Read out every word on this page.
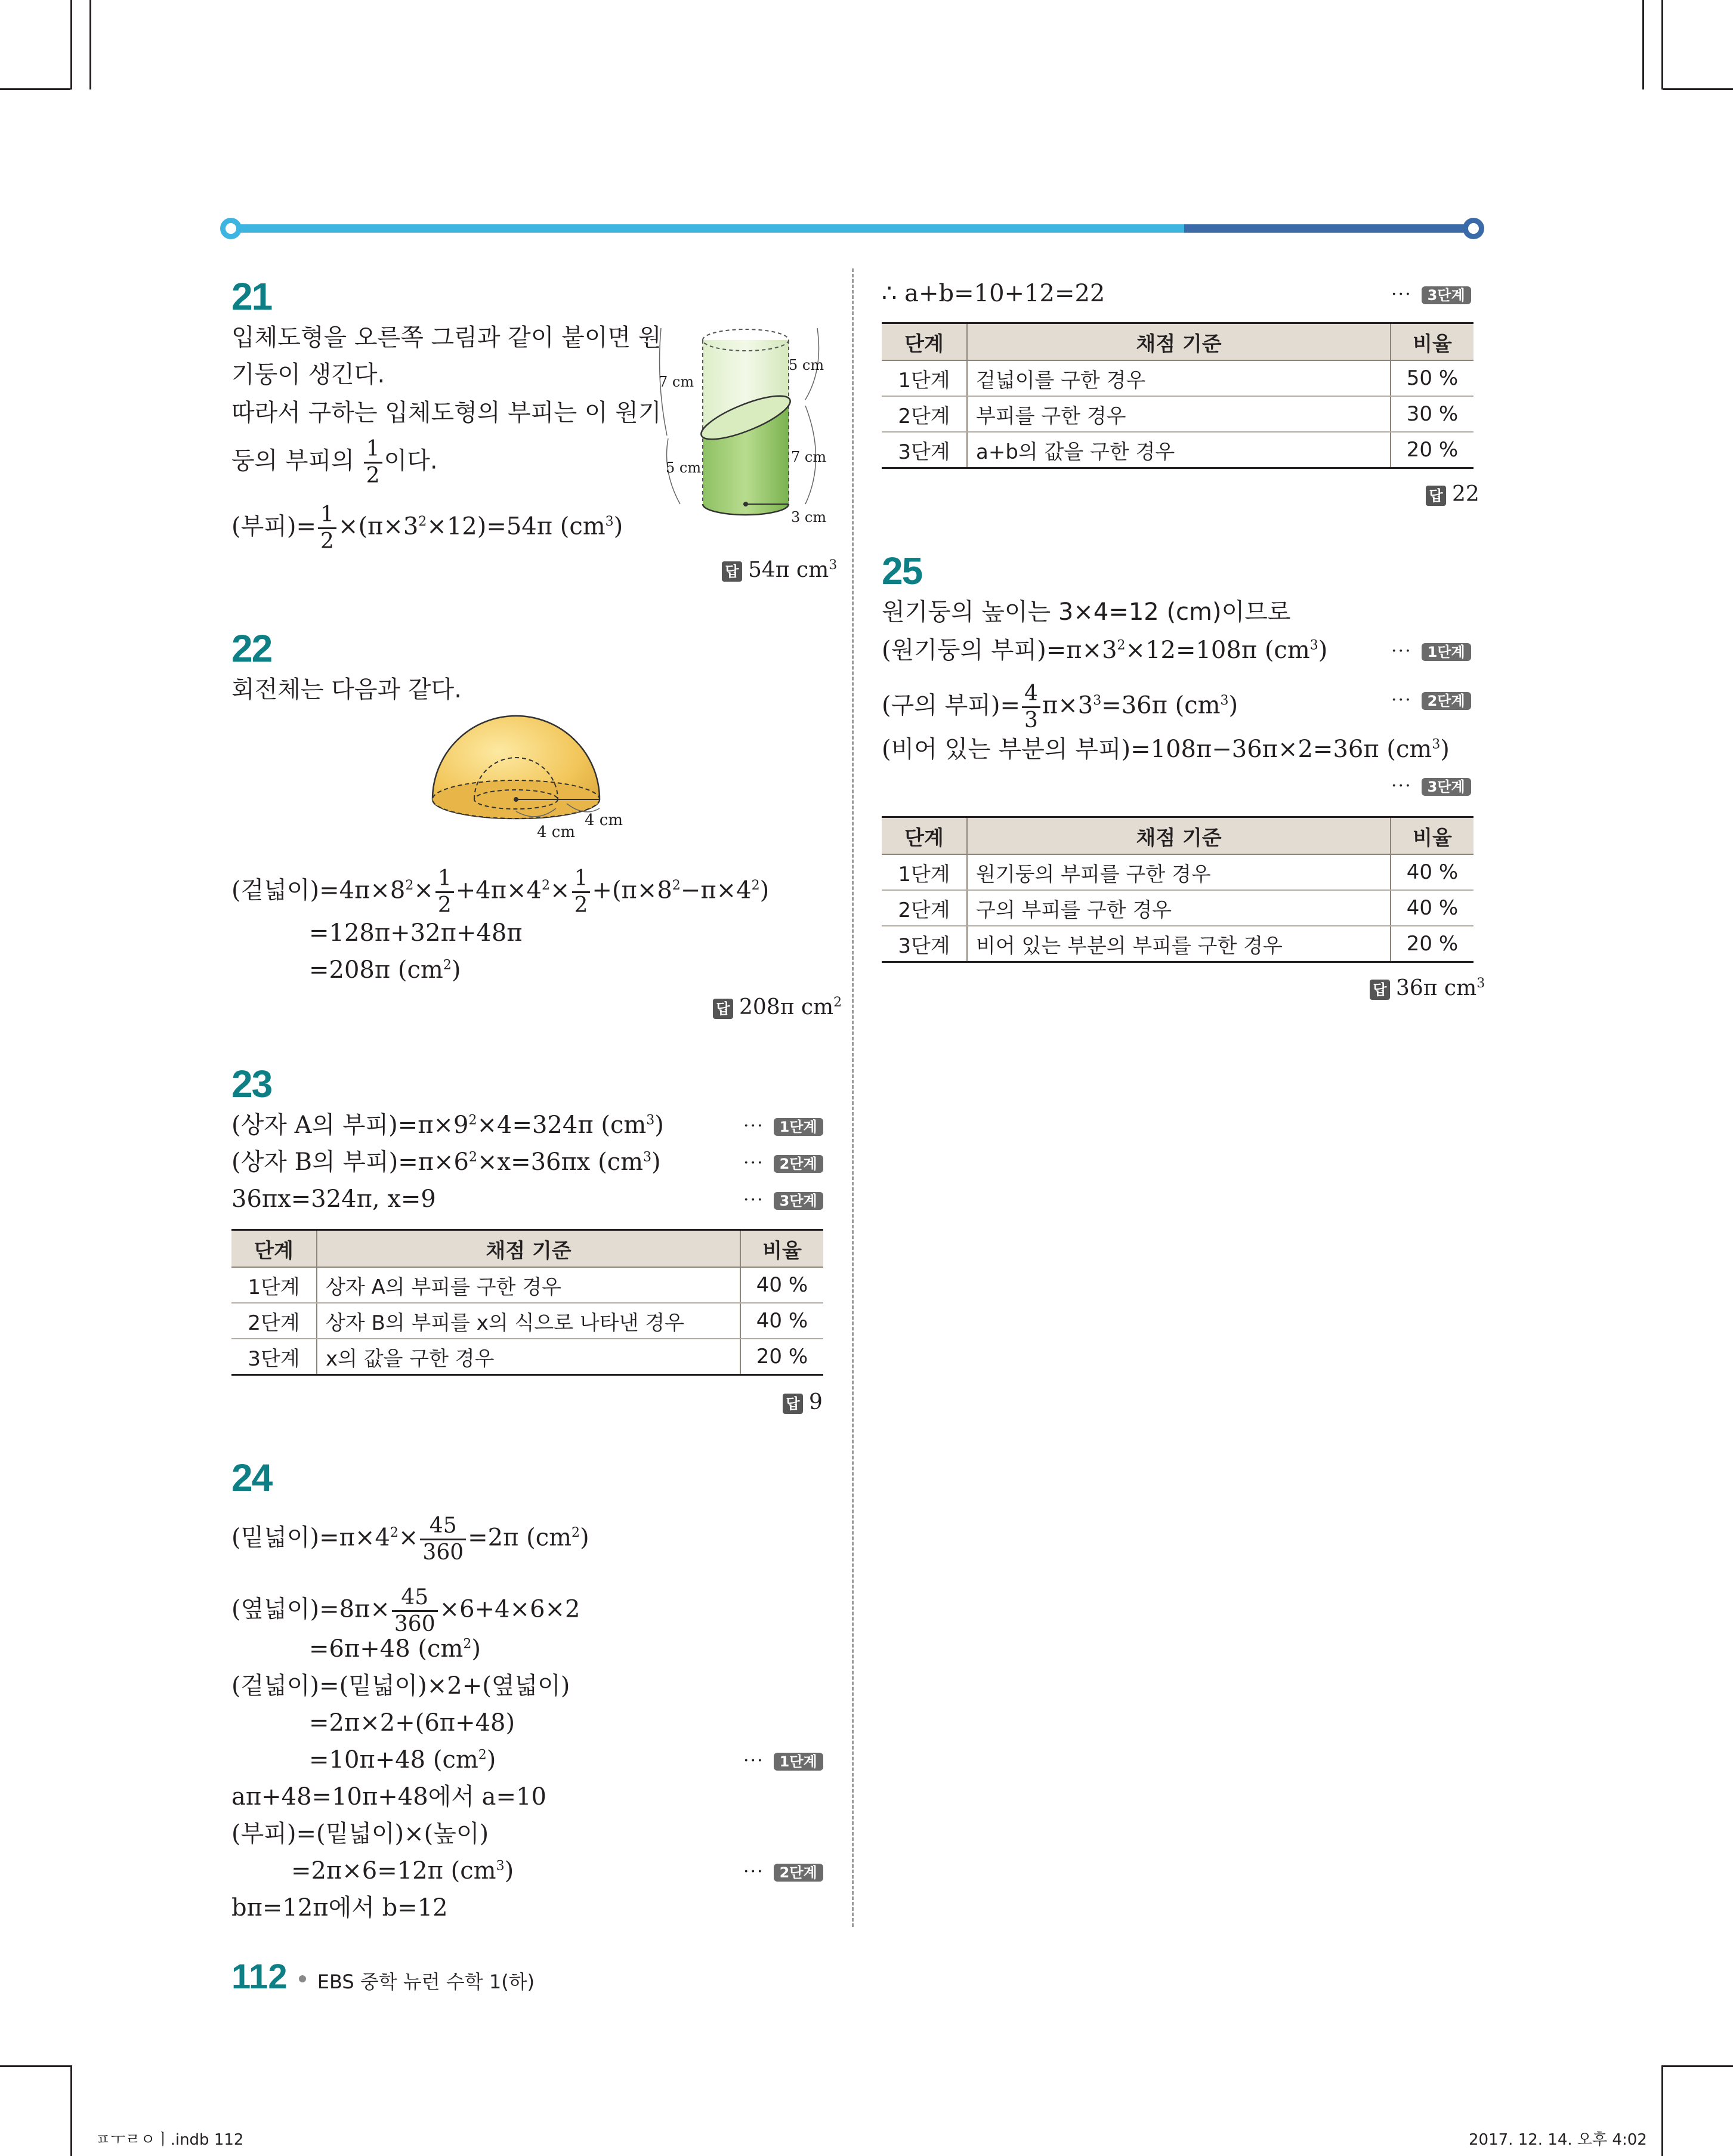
21
입체도형을 오른쪽 그림과 같이 붙이면 원
기둥이 생긴다.
따라서 구하는 입체도형의 부피는 이 원기
둥의 부피의 $\frac{1}{2}$ 이다.
(부피)= $\frac{1}{2} \times(\pi\times 3^2\times 12)=54\pi$ $(cm^3)$
7 cm
5 cm
5 cm
7 cm
3 cm
답 54π $cm^3$
22
회전체는 다음과 같다.
4 cm
4 cm
(겉넓이)$=4\pi\times 8^2\times \frac{1}{2} +4\pi\times 4^2\times \frac{1}{2} +(\pi\times 8^2-\pi\times 4^2)$
=128π+32π+48π
=208π $(cm^2)$
답 208π $cm^2$
23
(상자 A의 부피)$=\pi\times 9^2\times 4=324\pi$ $(cm^3)$
(상자 B의 부피)$=\pi\times 6^2\times x=36\pi x$ $(cm^3)$
36πx=324π, x=9
··· 1단계
··· 2단계
··· 3단계
단계	채점 기준	비율
1단계	상자 A의 부피를 구한 경우	40 %
2단계	상자 B의 부피를 x의 식으로 나타낸 경우	40 %
3단계	x의 값을 구한 경우	20 %
답 9
24
(밑넓이)$=\pi\times 4^2\times \frac{45}{360} =2\pi$ $(cm^2)$
(옆넓이)$=8\pi\times \frac{45}{360} \times 6+4\times 6\times 2$
=6π+48 $(cm^2)$
(겉넓이)=(밑넓이)×2+(옆넓이)
=2π×2+(6π+48)
=10π+48 $(cm^2)$
aπ+48=10π+48에서 a=10
(부피)=(밑넓이)×(높이)
=2π×6=12π $(cm^3)$
bπ=12π에서 b=12
··· 1단계
··· 2단계
∴ a+b=10+12=22	··· 3단계
단계	채점 기준	비율
1단계	겉넓이를 구한 경우	50 %
2단계	부피를 구한 경우	30 %
3단계	a+b의 값을 구한 경우	20 %
답 22
25
원기둥의 높이는 3×4=12 (cm)이므로
(원기둥의 부피)$=\pi\times 3^2\times 12=108\pi$ $(cm^3)$
(구의 부피)= $\frac{4}{3} \pi\times 3^3=36\pi$ $(cm^3)$
(비어 있는 부분의 부피)=108π−36π×2=36π $(cm^3)$
··· 1단계
··· 2단계
··· 3단계
단계	채점 기준	비율
1단계	원기둥의 부피를 구한 경우	40 %
2단계	구의 부피를 구한 경우	40 %
3단계	비어 있는 부분의 부피를 구한 경우	20 %
답 36π $cm^3$
112 EBS 중학 뉴런 수학 1(하)
ㅍㅜㄹㅇㅣ.indb 112	2017. 12. 14. 오후 4:02
